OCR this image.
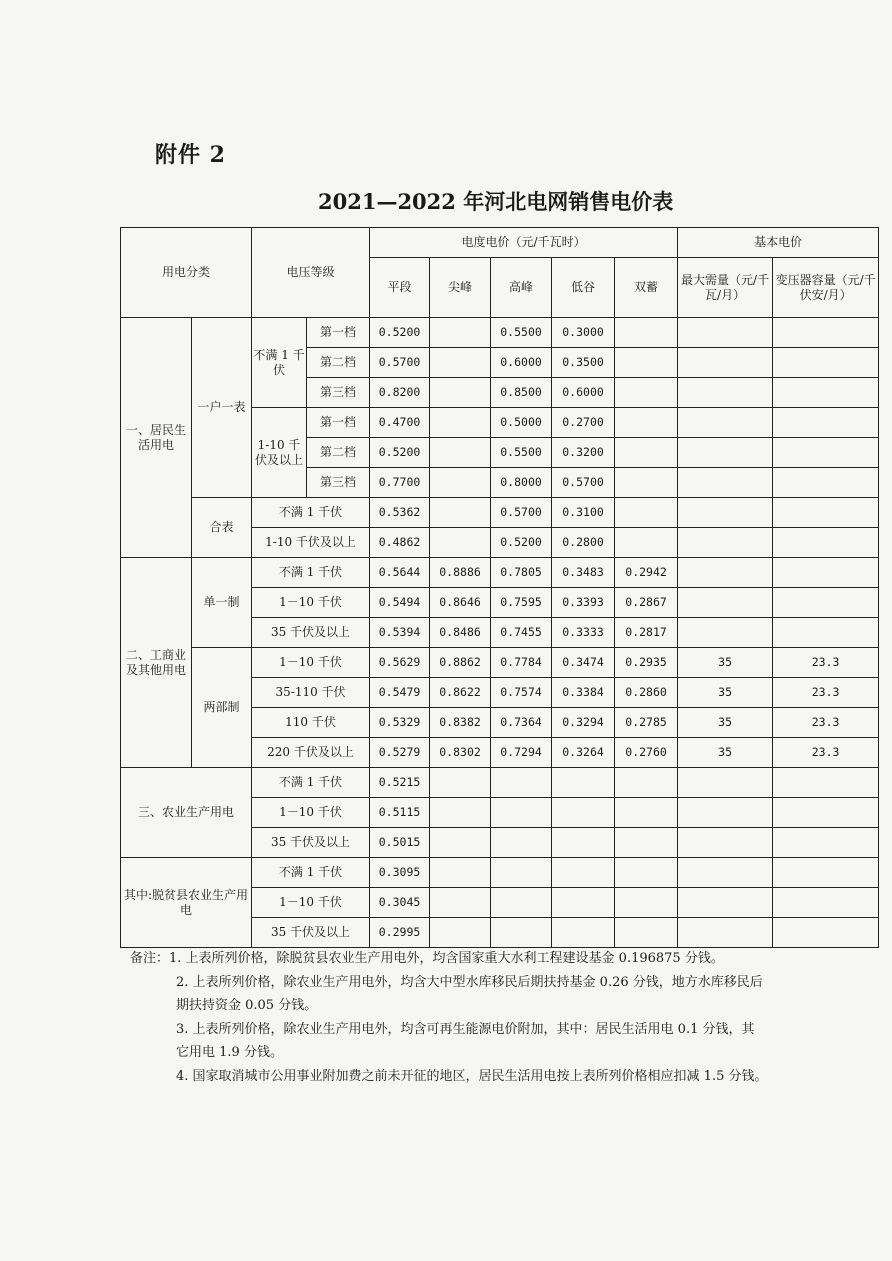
附件 2
2021—2022 年河北电网销售电价表
用电分类		电压等级		电度电价（元/千瓦时）					基本电价	
				平段	尖峰	高峰	低谷	双蓄	最大需量（元/千瓦/月）	变压器容量（元/千伏安/月）
一、居民生活用电	一户一表	不满 1 千伏	第一档	0.5200		0.5500	0.3000			
			第二档	0.5700		0.6000	0.3500			
			第三档	0.8200		0.8500	0.6000			
		1-10 千伏及以上	第一档	0.4700		0.5000	0.2700			
			第二档	0.5200		0.5500	0.3200			
			第三档	0.7700		0.8000	0.5700			
	合表	不满 1 千伏		0.5362		0.5700	0.3100			
		1-10 千伏及以上		0.4862		0.5200	0.2800			
二、工商业及其他用电	单一制	不满 1 千伏		0.5644	0.8886	0.7805	0.3483	0.2942		
		1－10 千伏		0.5494	0.8646	0.7595	0.3393	0.2867		
		35 千伏及以上		0.5394	0.8486	0.7455	0.3333	0.2817		
	两部制	1－10 千伏		0.5629	0.8862	0.7784	0.3474	0.2935	35	23.3
		35-110 千伏		0.5479	0.8622	0.7574	0.3384	0.2860	35	23.3
		110 千伏		0.5329	0.8382	0.7364	0.3294	0.2785	35	23.3
		220 千伏及以上		0.5279	0.8302	0.7294	0.3264	0.2760	35	23.3
三、农业生产用电		不满 1 千伏		0.5215						
		1－10 千伏		0.5115						
		35 千伏及以上		0.5015						
其中:脱贫县农业生产用电		不满 1 千伏		0.3095						
		1－10 千伏		0.3045						
		35 千伏及以上		0.2995						
备注：1. 上表所列价格，除脱贫县农业生产用电外，均含国家重大水利工程建设基金 0.196875 分钱。
2. 上表所列价格，除农业生产用电外，均含大中型水库移民后期扶持基金 0.26 分钱，地方水库移民后
期扶持资金 0.05 分钱。
3. 上表所列价格，除农业生产用电外，均含可再生能源电价附加，其中：居民生活用电 0.1 分钱，其
它用电 1.9 分钱。
4. 国家取消城市公用事业附加费之前未开征的地区，居民生活用电按上表所列价格相应扣减 1.5 分钱。
